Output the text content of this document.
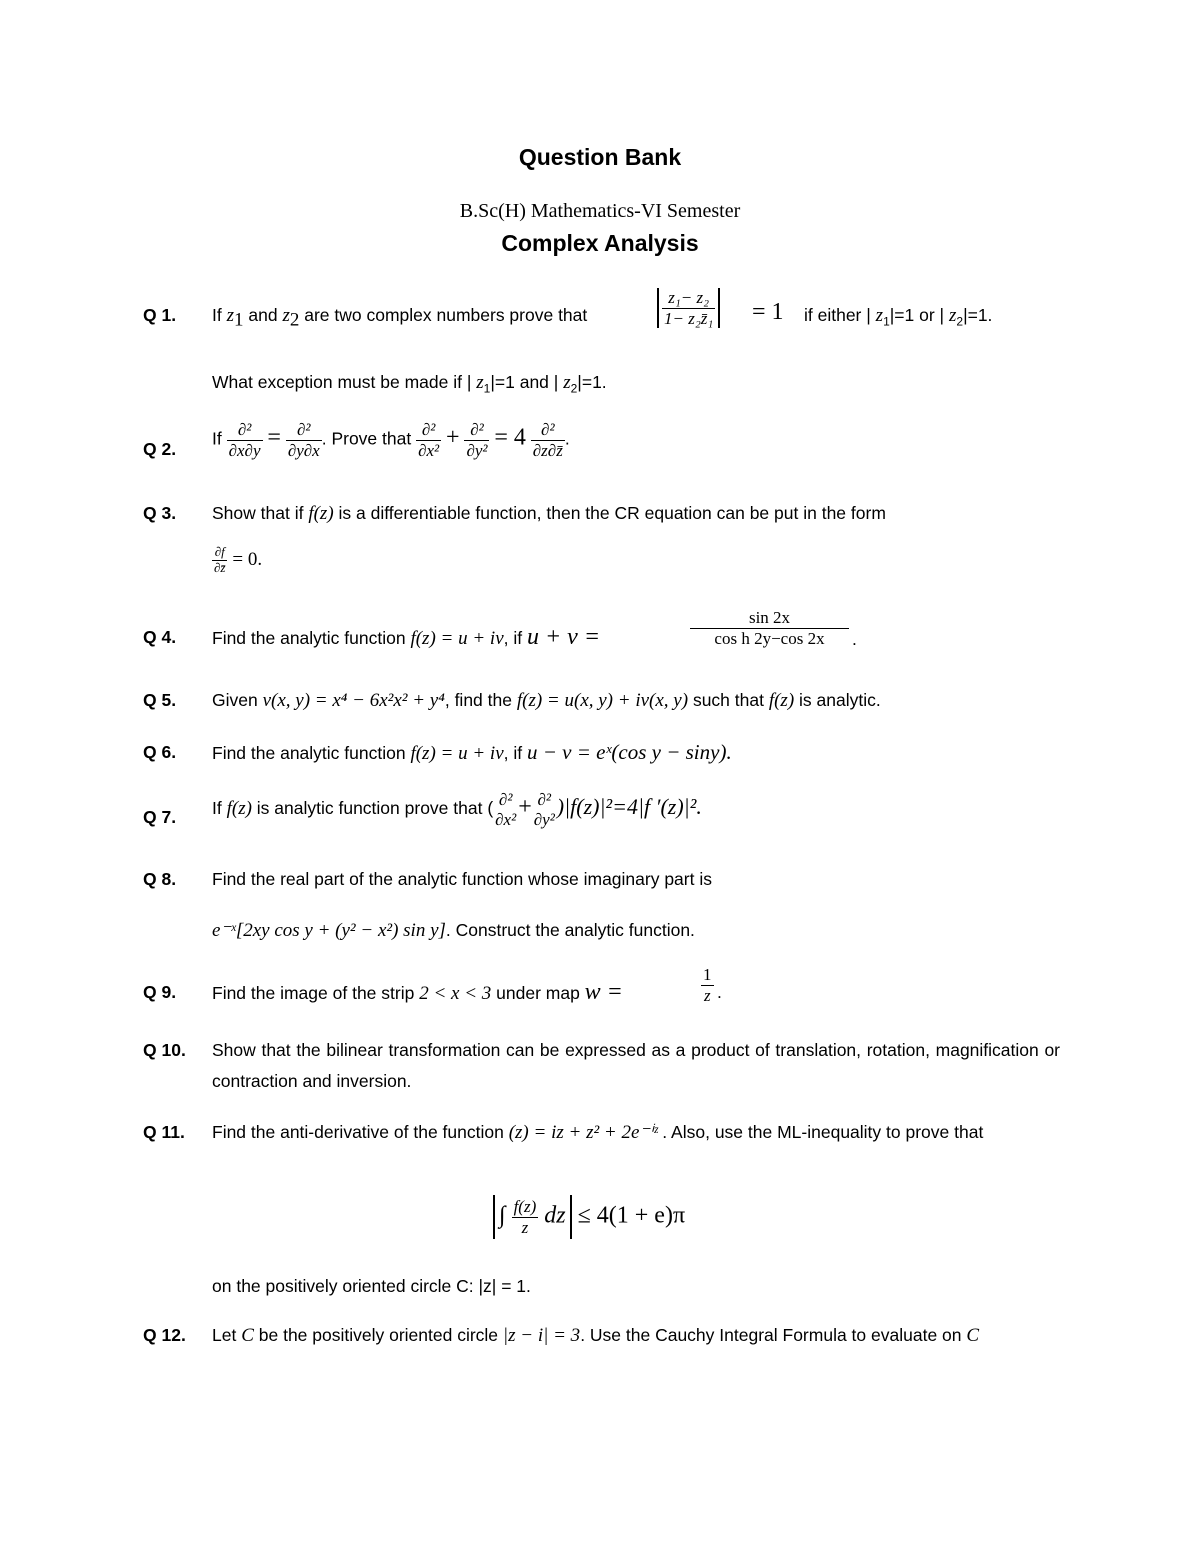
Question Bank
B.Sc(H) Mathematics-VI Semester
Complex Analysis
Q 1.	If $z_1$ and $z_2$ are two complex numbers prove that	$\frac{\text{z₁− z₂}}{\text{1− z₂z̄₁}} = 1$ if either | $z_1|=1$ or | $z_2|=1$.
What exception must be made if | $z_1|=1$ and | $z_2|=1$.
Q 2.
If $\frac{\text{∂²}}{\partial x\partial y} = \frac{\text{∂²}}{\partial y\partial x}$ . Prove that $\frac{\text{∂²}}{\text{∂x²}} + \frac{\text{∂²}}{\text{∂y²}} = 4 \frac{\text{∂²}}{\partial z\partial z̄}$ .
Q 3.	Show that if f(z) is a differentiable function, then the CR equation can be put in the form
$\frac{\partial f}{\partial z̄} = 0$.
Q 4.	Find the analytic function f(z) = u + iv, if u + v =	$\frac{\sin 2x}{\text{cos h 2y−cos 2x}}$ .
Q 5.	Given v(x, y) = x⁴ − 6x²x² + y⁴, find the f(z) = u(x, y) + iv(x, y) such that f(z) is analytic.
Q 6.	Find the analytic function f(z) = u + iv, if u − v = eˣ(cos y − siny).
Q 7.	If f(z) is analytic function prove that ( ∂²
∂x² + ∂²
∂y² )|f(z)|²=4|f ′(z)|².
Q 8.	Find the real part of the analytic function whose imaginary part is
e⁻ˣ[2xy cos y + (y² − x²) sin y]. Construct the analytic function.
Q 9.	Find the image of the strip 2 < x < 3 under map w =	$\frac{1}{z}$ .
Q 10.	Show that the bilinear transformation can be expressed as a product of translation, rotation, magnification or contraction and inversion.
Q 11.	Find the anti-derivative of the function (z) = iz + z² + 2e⁻ⁱᶻ . Also, use the ML-inequality to prove that
∫ $\frac{f(z)}{z}$ dz ≤ 4(1 + e)π
on the positively oriented circle C: |z| = 1.
Q 12.	Let C be the positively oriented circle |z − i| = 3. Use the Cauchy Integral Formula to evaluate on C
